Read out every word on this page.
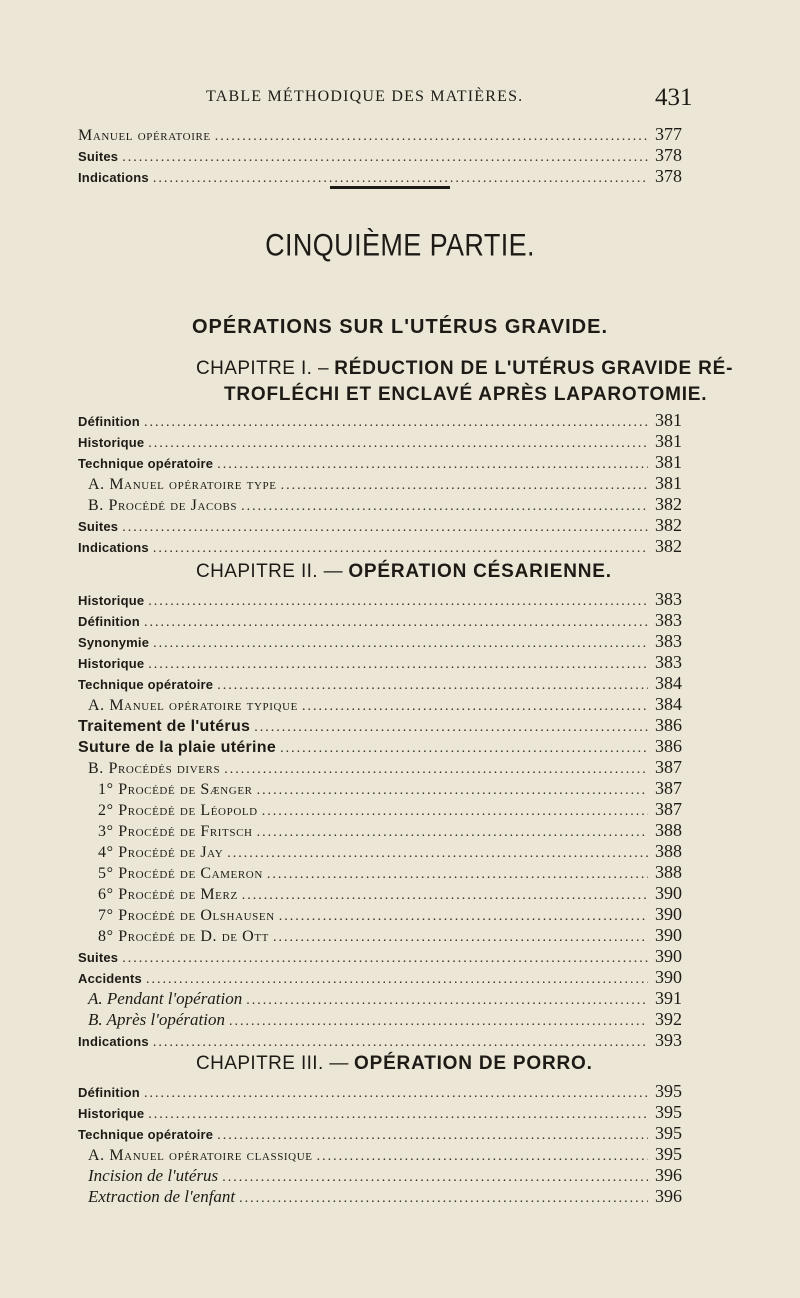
TABLE MÉTHODIQUE DES MATIÈRES.	431
Manuel opératoire .....	377
Suites .....	378
Indications .....	378
CINQUIÈME PARTIE.
OPÉRATIONS SUR L'UTÉRUS GRAVIDE.
CHAPITRE I. – RÉDUCTION DE L'UTÉRUS GRAVIDE RÉ-
TROFLÉCHI ET ENCLAVÉ APRÈS LAPAROTOMIE.
Définition .....	381
Historique .....	381
Technique opératoire .....	381
A. Manuel opératoire type .....	381
B. Procédé de Jacobs .....	382
Suites .....	382
Indications .....	382
CHAPITRE II. — OPÉRATION CÉSARIENNE.
Historique .....	383
Définition .....	383
Synonymie .....	383
Historique .....	383
Technique opératoire .....	384
A. Manuel opératoire typique .....	384
Traitement de l'utérus .....	386
Suture de la plaie utérine .....	386
B. Procédés divers .....	387
1° Procédé de Sænger .....	387
2° Procédé de Léopold .....	387
3° Procédé de Fritsch .....	388
4° Procédé de Jay .....	388
5° Procédé de Cameron .....	388
6° Procédé de Merz .....	390
7° Procédé de Olshausen .....	390
8° Procédé de D. de Ott .....	390
Suites .....	390
Accidents .....	390
A. Pendant l'opération .....	391
B. Après l'opération .....	392
Indications .....	393
CHAPITRE III. — OPÉRATION DE PORRO.
Définition .....	395
Historique .....	395
Technique opératoire .....	395
A. Manuel opératoire classique .....	395
Incision de l'utérus .....	396
Extraction de l'enfant .....	396
